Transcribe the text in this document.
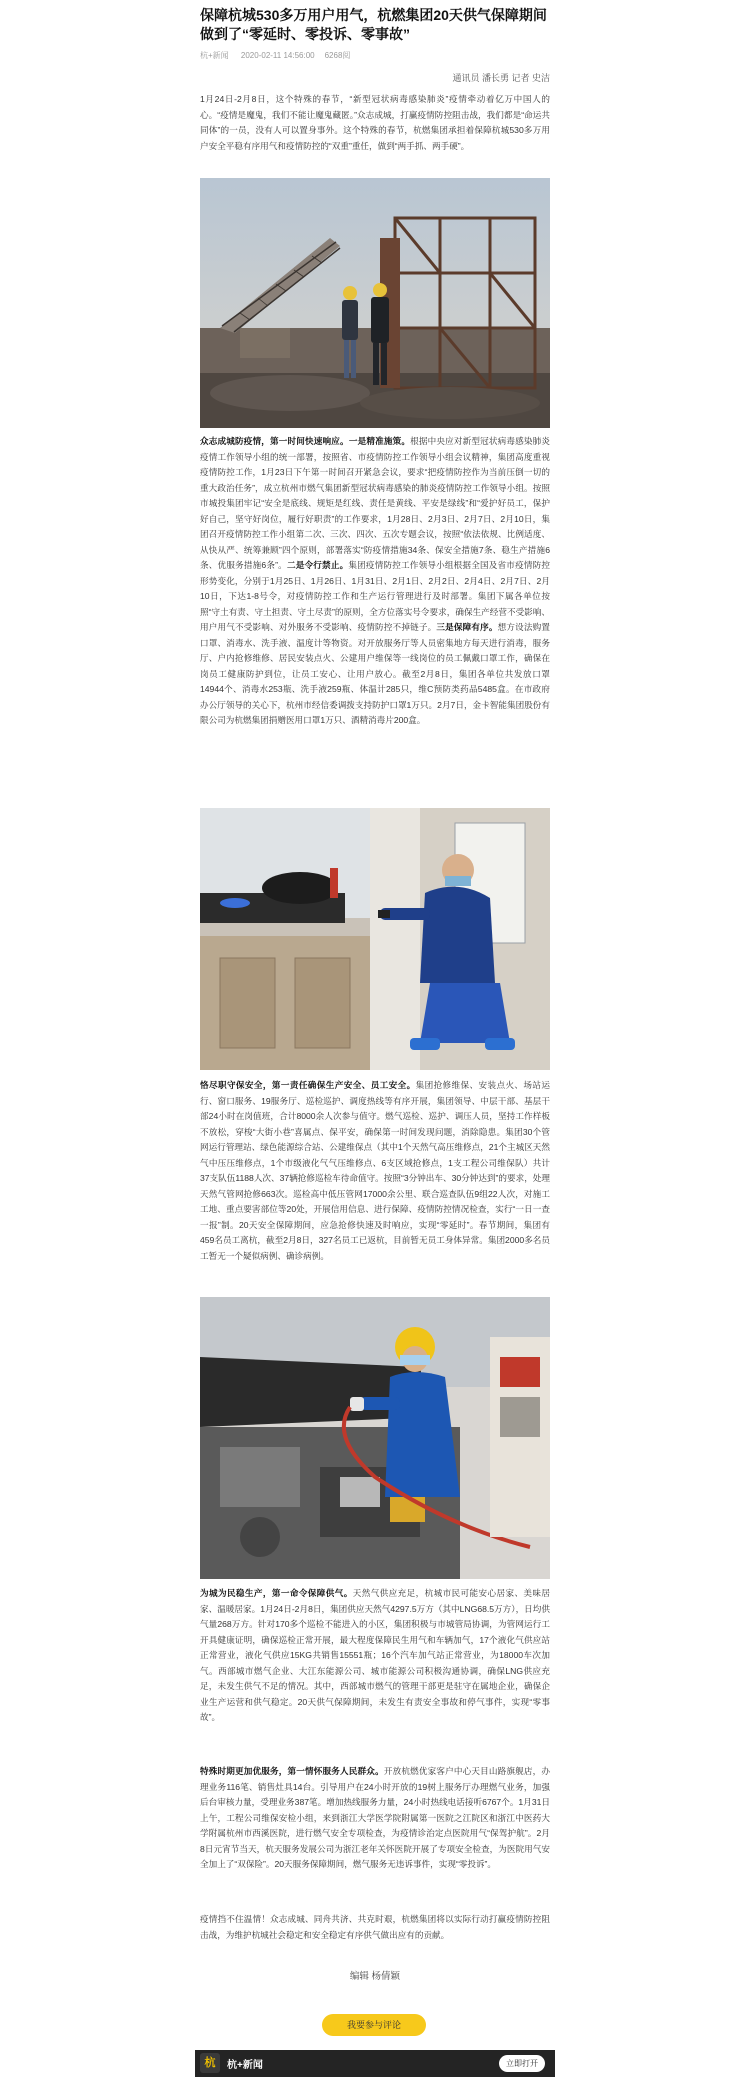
保障杭城530多万用户用气，杭燃集团20天供气保障期间做到了“零延时、零投诉、零事故”
杭+新闻 2020-02-11 14:56:00 6268阅
通讯员 潘长勇 记者 史洁

1月24日-2月8日，这个特殊的春节，“新型冠状病毒感染肺炎”疫情牵动着亿万中国人的心。“疫情是魔鬼，我们不能让魔鬼藏匿。”众志成城，打赢疫情防控阻击战，我们都是“命运共同体”的一员，没有人可以置身事外。这个特殊的春节，杭燃集团承担着保障杭城530多万用户安全平稳有序用气和疫情防控的“双重”重任，做到“两手抓、两手硬”。

众志成城防疫情，第一时间快速响应。一是精准施策。根据中央应对新型冠状病毒感染肺炎疫情工作领导小组的统一部署，按照省、市疫情防控工作领导小组会议精神，集团高度重视疫情防控工作，1月23日下午第一时间召开紧急会议，要求“把疫情防控作为当前压倒一切的重大政治任务”，成立杭州市燃气集团新型冠状病毒感染的肺炎疫情防控工作领导小组。按照市城投集团牢记“安全是底线、规矩是红线、责任是黄线、平安是绿线”和“爱护好员工，保护好自己，坚守好岗位，履行好职责”的工作要求，1月28日、2月3日、2月7日、2月10日，集团召开疫情防控工作小组第二次、三次、四次、五次专题会议，按照“依法依规、比例适度、从快从严、统筹兼顾”四个原则，部署落实“防疫情措施34条、保安全措施7条、稳生产措施6条、优服务措施6条”。二是令行禁止。集团疫情防控工作领导小组根据全国及省市疫情防控形势变化，分别于1月25日、1月26日、1月31日、2月1日、2月2日、2月4日、2月7日、2月10日，下达1-8号令，对疫情防控工作和生产运行管理进行及时部署。集团下属各单位按照“守土有责、守土担责、守土尽责”的原则，全方位落实号令要求，确保生产经营不受影响、用户用气不受影响、对外服务不受影响、疫情防控不掉链子。三是保障有序。想方设法购置口罩、消毒水、洗手液、温度计等物资。对开放服务厅等人员密集地方每天进行消毒，服务厅、户内抢修维修、居民安装点火、公建用户维保等一线岗位的员工佩戴口罩工作，确保在岗员工健康防护到位，让员工安心、让用户放心。截至2月8日，集团各单位共发放口罩14944个、消毒水253瓶、洗手液259瓶、体温计285只，维C预防类药品5485盒。在市政府办公厅领导的关心下，杭州市经信委调拨支持防护口罩1万只。2月7日，金卡智能集团股份有限公司为杭燃集团捐赠医用口罩1万只、酒精消毒片200盒。

恪尽职守保安全，第一责任确保生产安全、员工安全。集团抢修维保、安装点火、场站运行、窗口服务、19服务厅、巡检巡护、调度热线等有序开展，集团领导、中层干部、基层干部24小时在岗值班，合计8000余人次参与值守。燃气巡检、巡护、调压人员，坚持工作样板不放松，穿梭“大街小巷”喜属点、保平安，确保第一时间发现问题，消除隐患。集团30个管网运行管理站、绿色能源综合站、公建维保点（其中1个天然气高压维修点，21个主城区天然气中压压维修点，1个市级液化气气压维修点、6支区域抢修点，1支工程公司维保队）共计37支队伍1188人次、37辆抢修巡检车待命值守。按照“3分钟出车、30分钟达到”的要求，处理天然气管网抢修663次。巡检高中低压管网17000余公里、联合巡查队伍9组22人次，对施工工地、重点要害部位等20处，开展信用信息、进行保障、疫情防控情况检查，实行“一日一查一报”制。20天安全保障期间，应急抢修快速及时响应，实现“零延时”。春节期间，集团有459名员工离杭，截至2月8日，327名员工已返杭，目前暂无员工身体异常。集团2000多名员工暂无一个疑似病例、确诊病例。

为城为民稳生产，第一命令保障供气。天然气供应充足，杭城市民可能安心居家、美味居家、温暖居家。1月24日-2月8日，集团供应天然气4297.5万方（其中LNG68.5万方），日均供气量268万方。针对170多个巡检不能进入的小区，集团积极与市城管局协调，为管网运行工开具健康证明，确保巡检正常开展，最大程度保障民生用气和车辆加气，17个液化气供应站正常营业，液化气供应15KG共销售15551瓶；16个汽车加气站正常营业，为18000车次加气。西部城市燃气企业、大江东能源公司、城市能源公司积极沟通协调，确保LNG供应充足，未发生供气不足的情况。其中，西部城市燃气的管理干部更是驻守在属地企业，确保企业生产运营和供气稳定。20天供气保障期间，未发生有责安全事故和停气事件，实现“零事故”。

特殊时期更加优服务，第一情怀服务人民群众。开放杭燃优家客户中心天目山路旗舰店，办理业务116笔、销售灶具14台。引导用户在24小时开放的19树上服务厅办理燃气业务，加强后台审核力量，受理业务387笔。增加热线服务力量，24小时热线电话接听6767个。1月31日上午，工程公司维保安检小组，来到浙江大学医学院附属第一医院之江院区和浙江中医药大学附属杭州市西溪医院，进行燃气安全专项检查，为疫情诊治定点医院用气“保驾护航”。2月8日元宵节当天，杭天服务发展公司为浙江老年关怀医院开展了专项安全检查，为医院用气安全加上了“双保险”。20天服务保障期间，燃气服务无违诉事件，实现“零投诉”。

疫情挡不住温情！众志成城、同舟共济、共克时艰，杭燃集团将以实际行动打赢疫情防控阻击战，为维护杭城社会稳定和安全稳定有序供气做出应有的贡献。

编辑 杨倩颖
我要参与评论
杭	杭+新闻	立即打开
